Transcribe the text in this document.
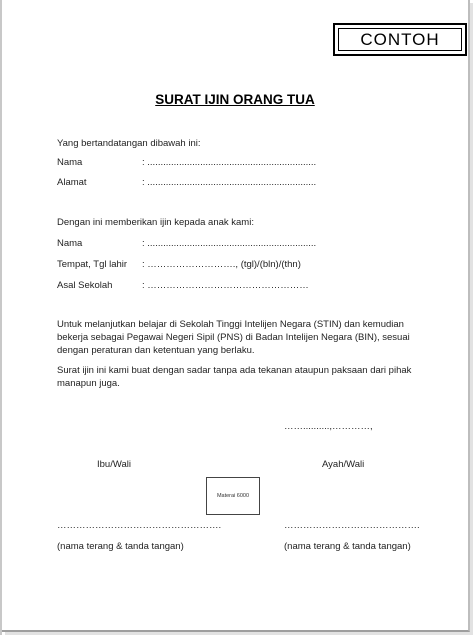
CONTOH
SURAT IJIN ORANG TUA
Yang bertandatangan dibawah ini:
Nama	: ................................................................
Alamat	: ................................................................
Dengan ini memberikan ijin kepada anak kami:
Nama	: ................................................................
Tempat, Tgl lahir : ………………………., (tgl)/(bln)/(thn)
Asal Sekolah	: ……………………………………………
Untuk melanjutkan belajar di Sekolah Tinggi Intelijen Negara (STIN) dan kemudian bekerja sebagai Pegawai Negeri Sipil (PNS) di Badan Intelijen Negara (BIN), sesuai dengan peraturan dan ketentuan yang berlaku.
Surat ijin ini kami buat dengan sadar tanpa ada tekanan ataupun paksaan dari pihak manapun juga.
……..........,…………,
Ibu/Wali	Ayah/Wali
Materai 6000
…………………………………………….	…………………………………….
(nama terang & tanda tangan)	(nama terang & tanda tangan)
